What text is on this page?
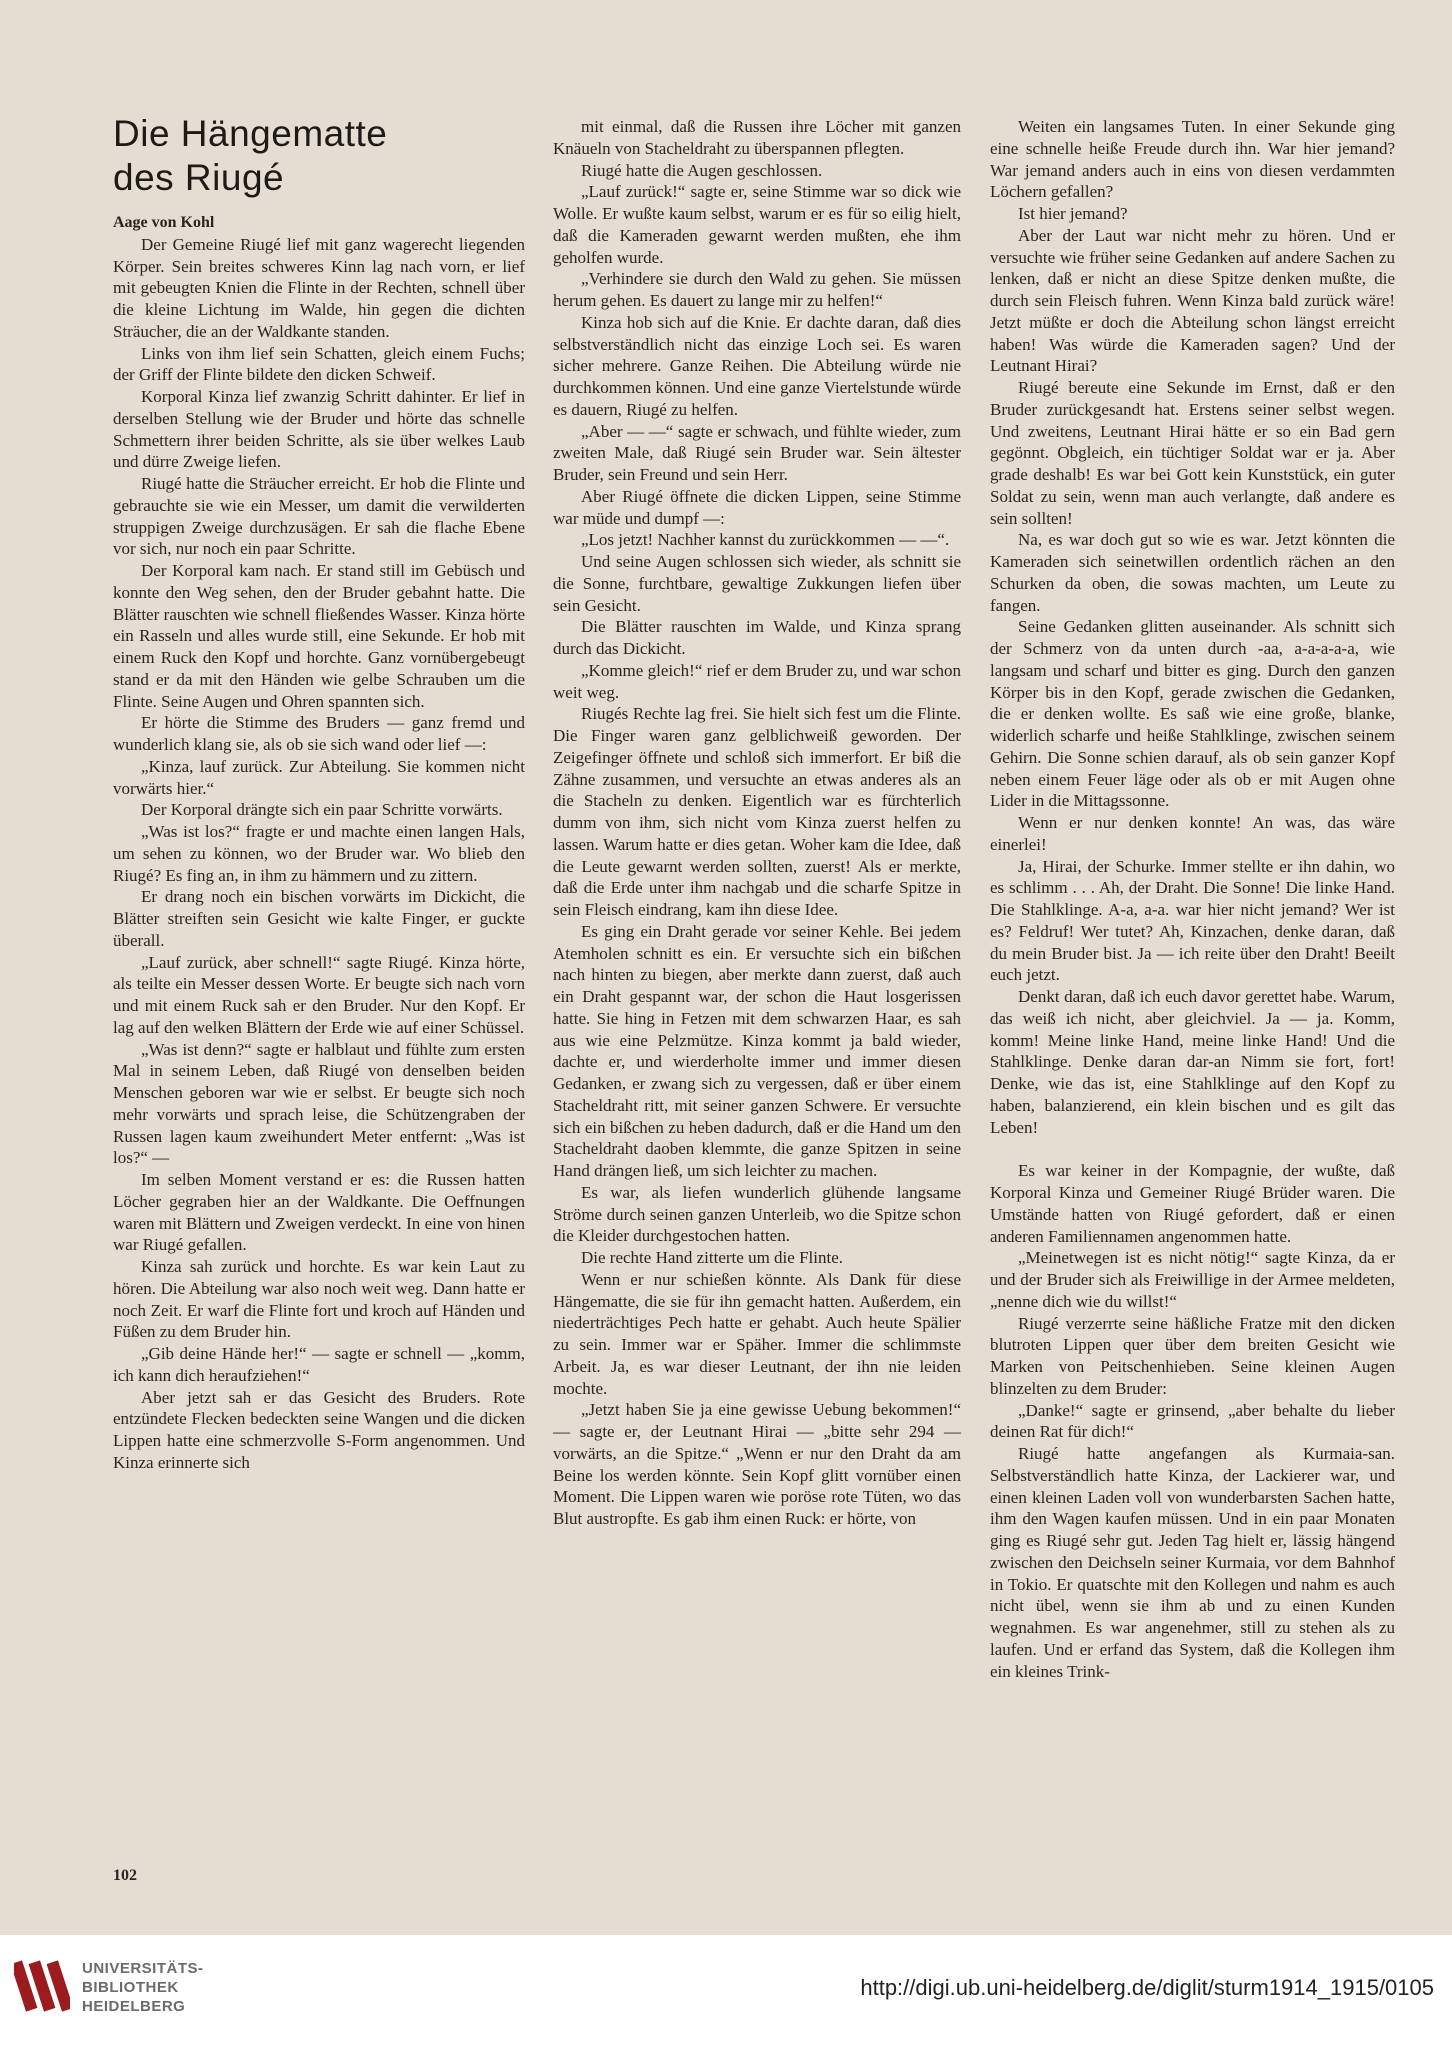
Die Hängematte
des Riugé

Aage von Kohl

Der Gemeine Riugé lief mit ganz wagerecht liegenden Körper. Sein breites schweres Kinn lag nach vorn, er lief mit gebeugten Knien die Flinte in der Rechten, schnell über die kleine Lichtung im Walde, hin gegen die dichten Sträucher, die an der Waldkante standen.

Links von ihm lief sein Schatten, gleich einem Fuchs; der Griff der Flinte bildete den dicken Schweif.

Korporal Kinza lief zwanzig Schritt dahinter. Er lief in derselben Stellung wie der Bruder und hörte das schnelle Schmettern ihrer beiden Schritte, als sie über welkes Laub und dürre Zweige liefen.

Riugé hatte die Sträucher erreicht. Er hob die Flinte und gebrauchte sie wie ein Messer, um damit die verwilderten struppigen Zweige durchzusägen. Er sah die flache Ebene vor sich, nur noch ein paar Schritte.

Der Korporal kam nach. Er stand still im Gebüsch und konnte den Weg sehen, den der Bruder gebahnt hatte. Die Blätter rauschten wie schnell fließendes Wasser. Kinza hörte ein Rasseln und alles wurde still, eine Sekunde. Er hob mit einem Ruck den Kopf und horchte. Ganz vornübergebeugt stand er da mit den Händen wie gelbe Schrauben um die Flinte. Seine Augen und Ohren spannten sich.

Er hörte die Stimme des Bruders — ganz fremd und wunderlich klang sie, als ob sie sich wand oder lief —:

„Kinza, lauf zurück. Zur Abteilung. Sie kommen nicht vorwärts hier.“

Der Korporal drängte sich ein paar Schritte vorwärts.

„Was ist los?“ fragte er und machte einen langen Hals, um sehen zu können, wo der Bruder war. Wo blieb den Riugé? Es fing an, in ihm zu hämmern und zu zittern.

Er drang noch ein bischen vorwärts im Dickicht, die Blätter streiften sein Gesicht wie kalte Finger, er guckte überall.

„Lauf zurück, aber schnell!“ sagte Riugé. Kinza hörte, als teilte ein Messer dessen Worte. Er beugte sich nach vorn und mit einem Ruck sah er den Bruder. Nur den Kopf. Er lag auf den welken Blättern der Erde wie auf einer Schüssel.

„Was ist denn?“ sagte er halblaut und fühlte zum ersten Mal in seinem Leben, daß Riugé von denselben beiden Menschen geboren war wie er selbst. Er beugte sich noch mehr vorwärts und sprach leise, die Schützengraben der Russen lagen kaum zweihundert Meter entfernt: „Was ist los?“ —

Im selben Moment verstand er es: die Russen hatten Löcher gegraben hier an der Waldkante. Die Oeffnungen waren mit Blättern und Zweigen verdeckt. In eine von hinen war Riugé gefallen.

Kinza sah zurück und horchte. Es war kein Laut zu hören. Die Abteilung war also noch weit weg. Dann hatte er noch Zeit. Er warf die Flinte fort und kroch auf Händen und Füßen zu dem Bruder hin.

„Gib deine Hände her!“ — sagte er schnell — „komm, ich kann dich heraufziehen!“

Aber jetzt sah er das Gesicht des Bruders. Rote entzündete Flecken bedeckten seine Wangen und die dicken Lippen hatte eine schmerzvolle S-Form angenommen. Und Kinza erinnerte sich

mit einmal, daß die Russen ihre Löcher mit ganzen Knäueln von Stacheldraht zu überspannen pflegten.

Riugé hatte die Augen geschlossen.

„Lauf zurück!“ sagte er, seine Stimme war so dick wie Wolle. Er wußte kaum selbst, warum er es für so eilig hielt, daß die Kameraden gewarnt werden mußten, ehe ihm geholfen wurde.

„Verhindere sie durch den Wald zu gehen. Sie müssen herum gehen. Es dauert zu lange mir zu helfen!“

Kinza hob sich auf die Knie. Er dachte daran, daß dies selbstverständlich nicht das einzige Loch sei. Es waren sicher mehrere. Ganze Reihen. Die Abteilung würde nie durchkommen können. Und eine ganze Viertelstunde würde es dauern, Riugé zu helfen.

„Aber — —“ sagte er schwach, und fühlte wieder, zum zweiten Male, daß Riugé sein Bruder war. Sein ältester Bruder, sein Freund und sein Herr.

Aber Riugé öffnete die dicken Lippen, seine Stimme war müde und dumpf —:

„Los jetzt! Nachher kannst du zurückkommen — —“.

Und seine Augen schlossen sich wieder, als schnitt sie die Sonne, furchtbare, gewaltige Zukkungen liefen über sein Gesicht.

Die Blätter rauschten im Walde, und Kinza sprang durch das Dickicht.

„Komme gleich!“ rief er dem Bruder zu, und war schon weit weg.

Riugés Rechte lag frei. Sie hielt sich fest um die Flinte. Die Finger waren ganz gelblichweiß geworden. Der Zeigefinger öffnete und schloß sich immerfort. Er biß die Zähne zusammen, und versuchte an etwas anderes als an die Stacheln zu denken. Eigentlich war es fürchterlich dumm von ihm, sich nicht vom Kinza zuerst helfen zu lassen. Warum hatte er dies getan. Woher kam die Idee, daß die Leute gewarnt werden sollten, zuerst! Als er merkte, daß die Erde unter ihm nachgab und die scharfe Spitze in sein Fleisch eindrang, kam ihn diese Idee.

Es ging ein Draht gerade vor seiner Kehle. Bei jedem Atemholen schnitt es ein. Er versuchte sich ein bißchen nach hinten zu biegen, aber merkte dann zuerst, daß auch ein Draht gespannt war, der schon die Haut losgerissen hatte. Sie hing in Fetzen mit dem schwarzen Haar, es sah aus wie eine Pelzmütze. Kinza kommt ja bald wieder, dachte er, und wierderholte immer und immer diesen Gedanken, er zwang sich zu vergessen, daß er über einem Stacheldraht ritt, mit seiner ganzen Schwere. Er versuchte sich ein bißchen zu heben dadurch, daß er die Hand um den Stacheldraht daoben klemmte, die ganze Spitzen in seine Hand drängen ließ, um sich leichter zu machen.

Es war, als liefen wunderlich glühende langsame Ströme durch seinen ganzen Unterleib, wo die Spitze schon die Kleider durchgestochen hatten.

Die rechte Hand zitterte um die Flinte.

Wenn er nur schießen könnte. Als Dank für diese Hängematte, die sie für ihn gemacht hatten. Außerdem, ein niederträchtiges Pech hatte er gehabt. Auch heute Spälier zu sein. Immer war er Späher. Immer die schlimmste Arbeit. Ja, es war dieser Leutnant, der ihn nie leiden mochte.

„Jetzt haben Sie ja eine gewisse Uebung bekommen!“ — sagte er, der Leutnant Hirai — „bitte sehr 294 — vorwärts, an die Spitze.“ „Wenn er nur den Draht da am Beine los werden könnte. Sein Kopf glitt vornüber einen Moment. Die Lippen waren wie poröse rote Tüten, wo das Blut austropfte. Es gab ihm einen Ruck: er hörte, von

Weiten ein langsames Tuten. In einer Sekunde ging eine schnelle heiße Freude durch ihn. War hier jemand? War jemand anders auch in eins von diesen verdammten Löchern gefallen?

Ist hier jemand?

Aber der Laut war nicht mehr zu hören. Und er versuchte wie früher seine Gedanken auf andere Sachen zu lenken, daß er nicht an diese Spitze denken mußte, die durch sein Fleisch fuhren. Wenn Kinza bald zurück wäre! Jetzt müßte er doch die Abteilung schon längst erreicht haben! Was würde die Kameraden sagen? Und der Leutnant Hirai?

Riugé bereute eine Sekunde im Ernst, daß er den Bruder zurückgesandt hat. Erstens seiner selbst wegen. Und zweitens, Leutnant Hirai hätte er so ein Bad gern gegönnt. Obgleich, ein tüchtiger Soldat war er ja. Aber grade deshalb! Es war bei Gott kein Kunststück, ein guter Soldat zu sein, wenn man auch verlangte, daß andere es sein sollten!

Na, es war doch gut so wie es war. Jetzt könnten die Kameraden sich seinetwillen ordentlich rächen an den Schurken da oben, die sowas machten, um Leute zu fangen.

Seine Gedanken glitten auseinander. Als schnitt sich der Schmerz von da unten durch -aa, a-a-a-a-a, wie langsam und scharf und bitter es ging. Durch den ganzen Körper bis in den Kopf, gerade zwischen die Gedanken, die er denken wollte. Es saß wie eine große, blanke, widerlich scharfe und heiße Stahlklinge, zwischen seinem Gehirn. Die Sonne schien darauf, als ob sein ganzer Kopf neben einem Feuer läge oder als ob er mit Augen ohne Lider in die Mittagssonne.

Wenn er nur denken konnte! An was, das wäre einerlei!

Ja, Hirai, der Schurke. Immer stellte er ihn dahin, wo es schlimm . . . Ah, der Draht. Die Sonne! Die linke Hand. Die Stahlklinge. A-a, a-a. war hier nicht jemand? Wer ist es? Feldruf! Wer tutet? Ah, Kinzachen, denke daran, daß du mein Bruder bist. Ja — ich reite über den Draht! Beeilt euch jetzt.

Denkt daran, daß ich euch davor gerettet habe. Warum, das weiß ich nicht, aber gleichviel. Ja — ja. Komm, komm! Meine linke Hand, meine linke Hand! Und die Stahlklinge. Denke daran dar-an Nimm sie fort, fort! Denke, wie das ist, eine Stahlklinge auf den Kopf zu haben, balanzierend, ein klein bischen und es gilt das Leben!

Es war keiner in der Kompagnie, der wußte, daß Korporal Kinza und Gemeiner Riugé Brüder waren. Die Umstände hatten von Riugé gefordert, daß er einen anderen Familiennamen angenommen hatte.

„Meinetwegen ist es nicht nötig!“ sagte Kinza, da er und der Bruder sich als Freiwillige in der Armee meldeten, „nenne dich wie du willst!“

Riugé verzerrte seine häßliche Fratze mit den dicken blutroten Lippen quer über dem breiten Gesicht wie Marken von Peitschenhieben. Seine kleinen Augen blinzelten zu dem Bruder:

„Danke!“ sagte er grinsend, „aber behalte du lieber deinen Rat für dich!“

Riugé hatte angefangen als Kurmaia-san. Selbstverständlich hatte Kinza, der Lackierer war, und einen kleinen Laden voll von wunderbarsten Sachen hatte, ihm den Wagen kaufen müssen. Und in ein paar Monaten ging es Riugé sehr gut. Jeden Tag hielt er, lässig hängend zwischen den Deichseln seiner Kurmaia, vor dem Bahnhof in Tokio. Er quatschte mit den Kollegen und nahm es auch nicht übel, wenn sie ihm ab und zu einen Kunden wegnahmen. Es war angenehmer, still zu stehen als zu laufen. Und er erfand das System, daß die Kollegen ihm ein kleines Trink-

102
UNIVERSITÄTS-
BIBLIOTHEK
HEIDELBERG
http://digi.ub.uni-heidelberg.de/diglit/sturm1914_1915/0105
